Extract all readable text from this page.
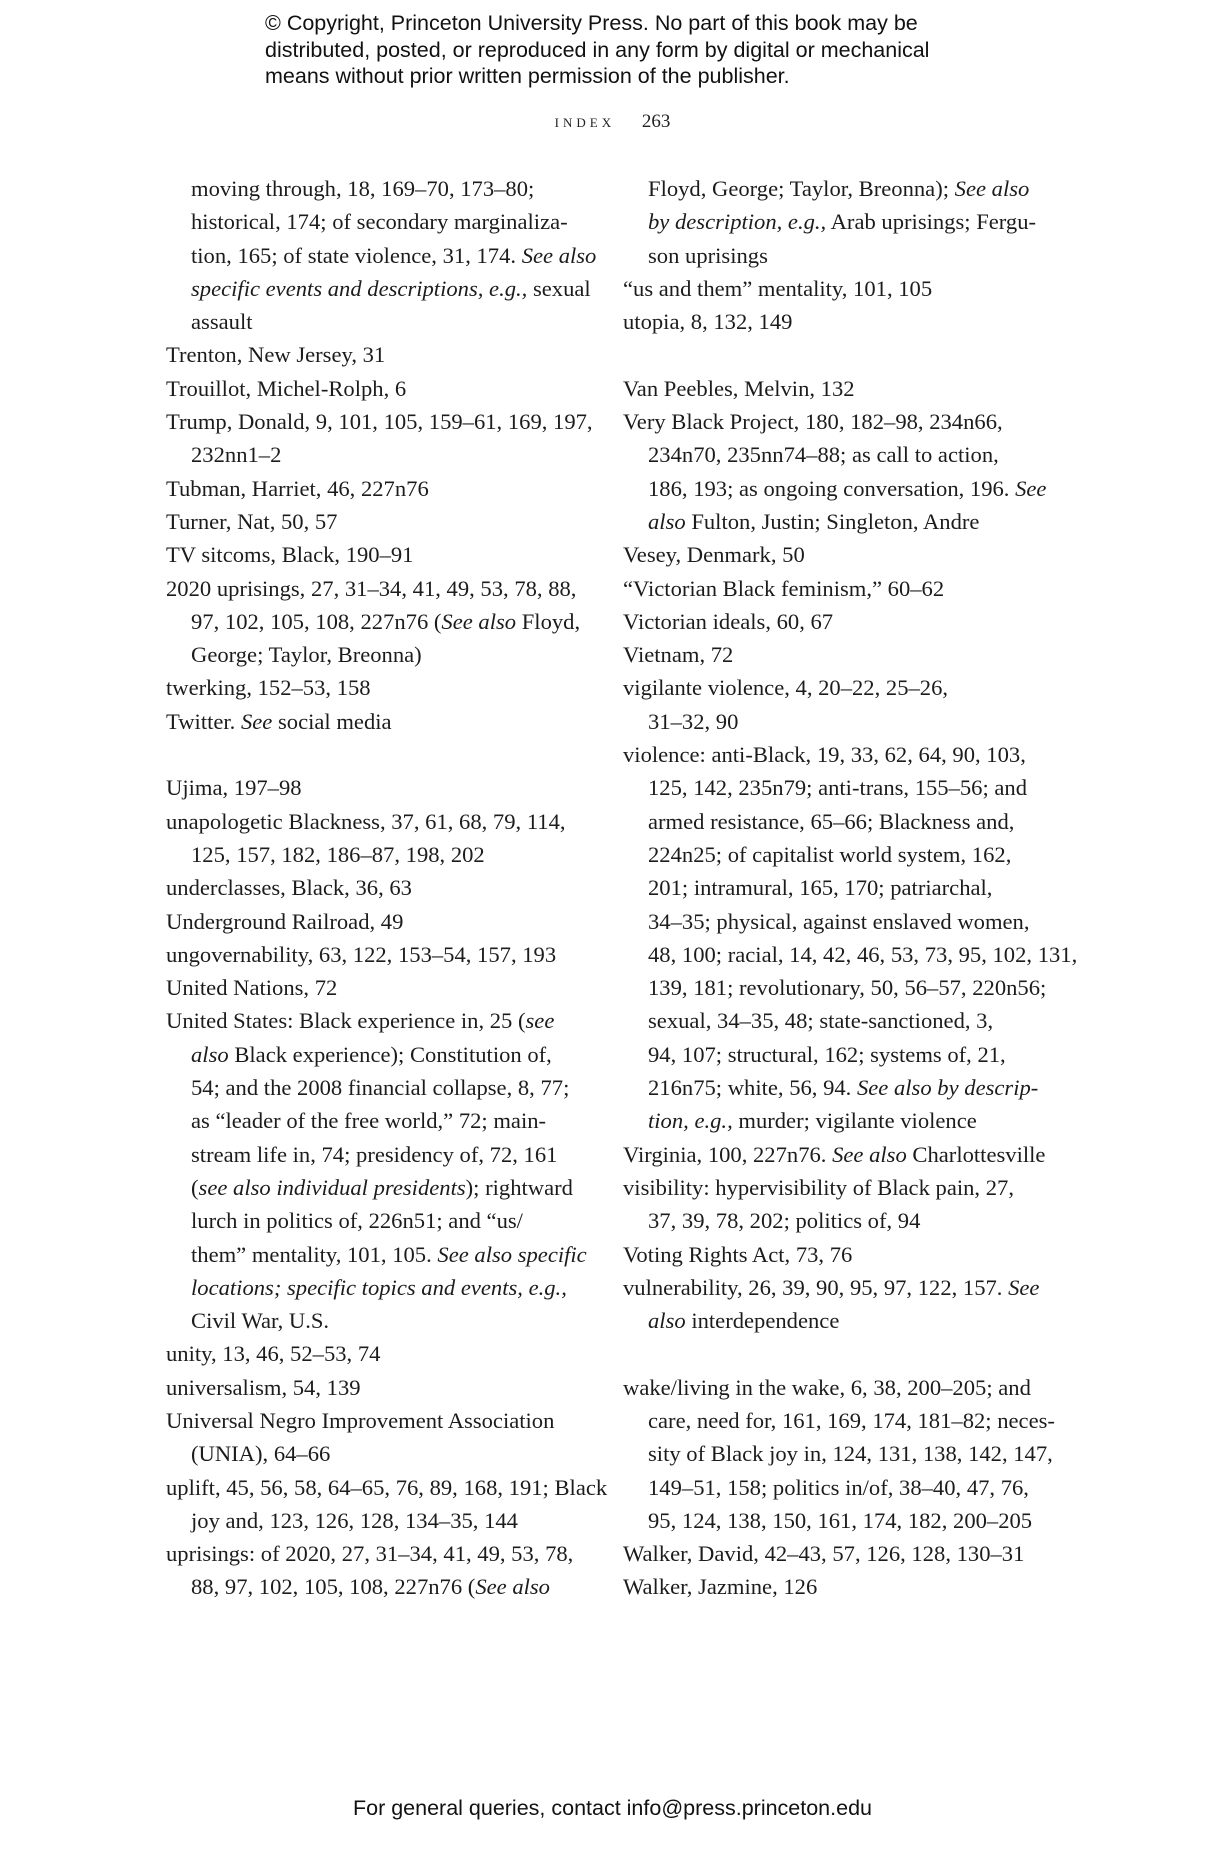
© Copyright, Princeton University Press. No part of this book may be
distributed, posted, or reproduced in any form by digital or mechanical
means without prior written permission of the publisher.
index 263
moving through, 18, 169–70, 173–80;
historical, 174; of secondary marginaliza-
tion, 165; of state violence, 31, 174. See also
specific events and descriptions, e.g., sexual
assault
Trenton, New Jersey, 31
Trouillot, Michel-Rolph, 6
Trump, Donald, 9, 101, 105, 159–61, 169, 197,
232nn1–2
Tubman, Harriet, 46, 227n76
Turner, Nat, 50, 57
TV sitcoms, Black, 190–91
2020 uprisings, 27, 31–34, 41, 49, 53, 78, 88,
97, 102, 105, 108, 227n76 (See also Floyd,
George; Taylor, Breonna)
twerking, 152–53, 158
Twitter. See social media
Ujima, 197–98
unapologetic Blackness, 37, 61, 68, 79, 114,
125, 157, 182, 186–87, 198, 202
underclasses, Black, 36, 63
Underground Railroad, 49
ungovernability, 63, 122, 153–54, 157, 193
United Nations, 72
United States: Black experience in, 25 (see
also Black experience); Constitution of,
54; and the 2008 financial collapse, 8, 77;
as “leader of the free world,” 72; main-
stream life in, 74; presidency of, 72, 161
(see also individual presidents); rightward
lurch in politics of, 226n51; and “us/
them” mentality, 101, 105. See also specific
locations; specific topics and events, e.g.,
Civil War, U.S.
unity, 13, 46, 52–53, 74
universalism, 54, 139
Universal Negro Improvement Association
(UNIA), 64–66
uplift, 45, 56, 58, 64–65, 76, 89, 168, 191; Black
joy and, 123, 126, 128, 134–35, 144
uprisings: of 2020, 27, 31–34, 41, 49, 53, 78,
88, 97, 102, 105, 108, 227n76 (See also
Floyd, George; Taylor, Breonna); See also
by description, e.g., Arab uprisings; Fergu-
son uprisings
“us and them” mentality, 101, 105
utopia, 8, 132, 149
Van Peebles, Melvin, 132
Very Black Project, 180, 182–98, 234n66,
234n70, 235nn74–88; as call to action,
186, 193; as ongoing conversation, 196. See
also Fulton, Justin; Singleton, Andre
Vesey, Denmark, 50
“Victorian Black feminism,” 60–62
Victorian ideals, 60, 67
Vietnam, 72
vigilante violence, 4, 20–22, 25–26,
31–32, 90
violence: anti-Black, 19, 33, 62, 64, 90, 103,
125, 142, 235n79; anti-trans, 155–56; and
armed resistance, 65–66; Blackness and,
224n25; of capitalist world system, 162,
201; intramural, 165, 170; patriarchal,
34–35; physical, against enslaved women,
48, 100; racial, 14, 42, 46, 53, 73, 95, 102, 131,
139, 181; revolutionary, 50, 56–57, 220n56;
sexual, 34–35, 48; state-sanctioned, 3,
94, 107; structural, 162; systems of, 21,
216n75; white, 56, 94. See also by descrip-
tion, e.g., murder; vigilante violence
Virginia, 100, 227n76. See also Charlottesville
visibility: hypervisibility of Black pain, 27,
37, 39, 78, 202; politics of, 94
Voting Rights Act, 73, 76
vulnerability, 26, 39, 90, 95, 97, 122, 157. See
also interdependence
wake/living in the wake, 6, 38, 200–205; and
care, need for, 161, 169, 174, 181–82; neces-
sity of Black joy in, 124, 131, 138, 142, 147,
149–51, 158; politics in/of, 38–40, 47, 76,
95, 124, 138, 150, 161, 174, 182, 200–205
Walker, David, 42–43, 57, 126, 128, 130–31
Walker, Jazmine, 126
For general queries, contact info@press.princeton.edu
